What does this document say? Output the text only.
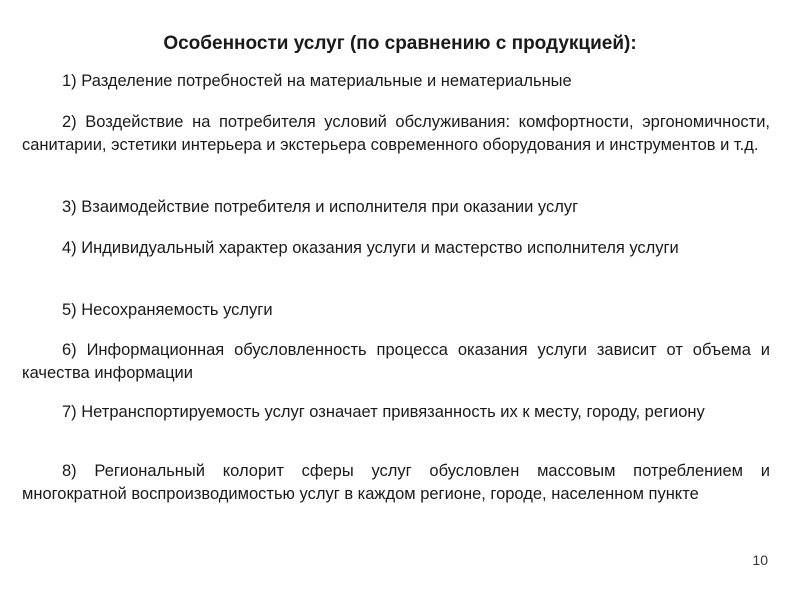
Особенности услуг (по сравнению с продукцией):
1) Разделение потребностей на материальные и нематериальные
2) Воздействие на потребителя условий обслуживания: комфортности, эргономичности, санитарии, эстетики интерьера и экстерьера современного оборудования и инструментов и т.д.
3) Взаимодействие потребителя и исполнителя при оказании услуг
4) Индивидуальный характер оказания услуги и мастерство исполнителя услуги
5) Несохраняемость услуги
6) Информационная обусловленность процесса оказания услуги зависит от объема и качества информации
7) Нетранспортируемость услуг означает привязанность их к месту, городу, региону
8) Региональный колорит сферы услуг обусловлен массовым потреблением и многократной воспроизводимостью услуг в каждом регионе, городе, населенном пункте
10
